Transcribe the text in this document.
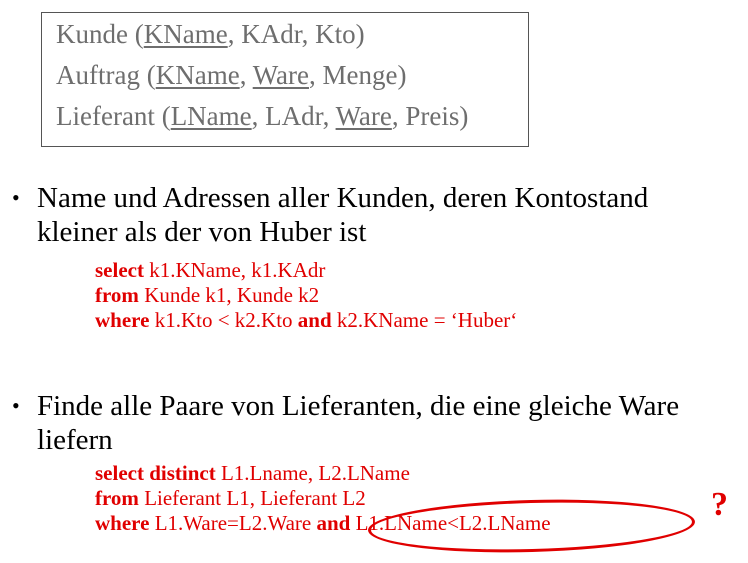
Kunde (KName, KAdr, Kto)
Auftrag (KName, Ware, Menge)
Lieferant (LName, LAdr, Ware, Preis)
• Name und Adressen aller Kunden, deren Kontostand
kleiner als der von Huber ist
select k1.KName, k1.KAdr
from Kunde k1, Kunde k2
where k1.Kto < k2.Kto and k2.KName = ‘Huber‘
• Finde alle Paare von Lieferanten, die eine gleiche Ware
liefern
select distinct L1.Lname, L2.LName
from Lieferant L1, Lieferant L2
where L1.Ware=L2.Ware and L1.LName<L2.LName	?
